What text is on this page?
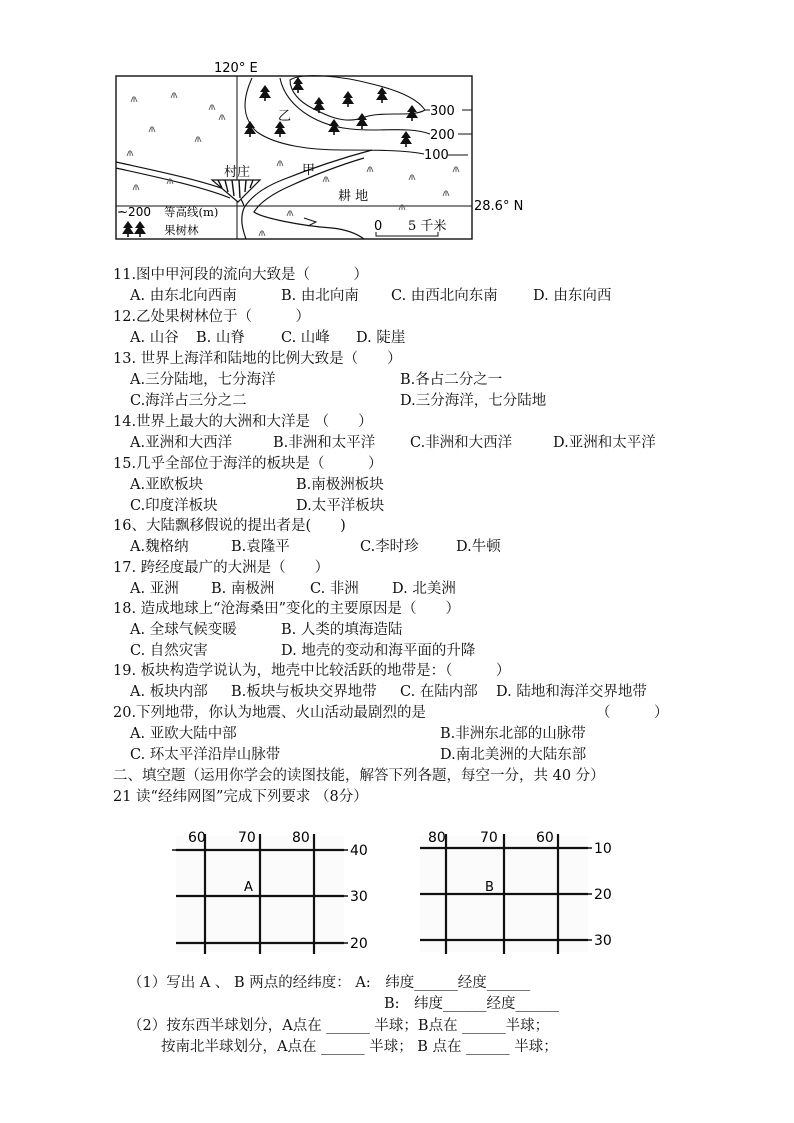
120° E
28.6° N
300
200
100
乙
甲
村庄
耕 地
~200 等高线(m)
果树林	0 5 千米
11.图中甲河段的流向大致是（　　　）
A. 由东北向西南	B. 由北向南 C. 由西北向东南 D. 由东向西
12.乙处果树林位于（　　　）
A. 山谷 B. 山脊 C. 山峰 D. 陡崖
13. 世界上海洋和陆地的比例大致是（　　）
A.三分陆地，七分海洋	B.各占二分之一
C.海洋占三分之二	D.三分海洋，七分陆地
14.世界上最大的大洲和大洋是 （　　）
A.亚洲和大西洋	B.非洲和太平洋 C.非洲和大西洋	D.亚洲和太平洋
15.几乎全部位于海洋的板块是（　　　）
A.亚欧板块	B.南极洲板块
C.印度洋板块	D.太平洋板块
16、大陆飘移假说的提出者是(　　)
A.魏格纳	B.袁隆平	C.李时珍	D.牛顿
17. 跨经度最广的大洲是（　　）
A. 亚洲 B. 南极洲 C. 非洲 D. 北美洲
18. 造成地球上“沧海桑田”变化的主要原因是（　　）
A. 全球气候变暖	B. 人类的填海造陆
C. 自然灾害	D. 地壳的变动和海平面的升降
19. 板块构造学说认为，地壳中比较活跃的地带是：（　　　）
A. 板块内部 B.板块与板块交界地带 C. 在陆内部 D. 陆地和海洋交界地带
20.下列地带，你认为地震、火山活动最剧烈的是	（　　　）
A. 亚欧大陆中部	B.非洲东北部的山脉带
C. 环太平洋沿岸山脉带	D.南北美洲的大陆东部
二、填空题（运用你学会的读图技能，解答下列各题，每空一分，共 40 分）
21 读“经纬网图”完成下列要求 （8分）
60 70	80
40
30
20
A
80 70	60
10
20
30
B
（1）写出 A 、 B 两点的经纬度： A:　纬度______经度______
B:　纬度______经度______
（2）按东西半球划分，A点在 ______ 半球；B点在 ______半球；
按南北半球划分，A点在 ______ 半球； B 点在 ______ 半球；
